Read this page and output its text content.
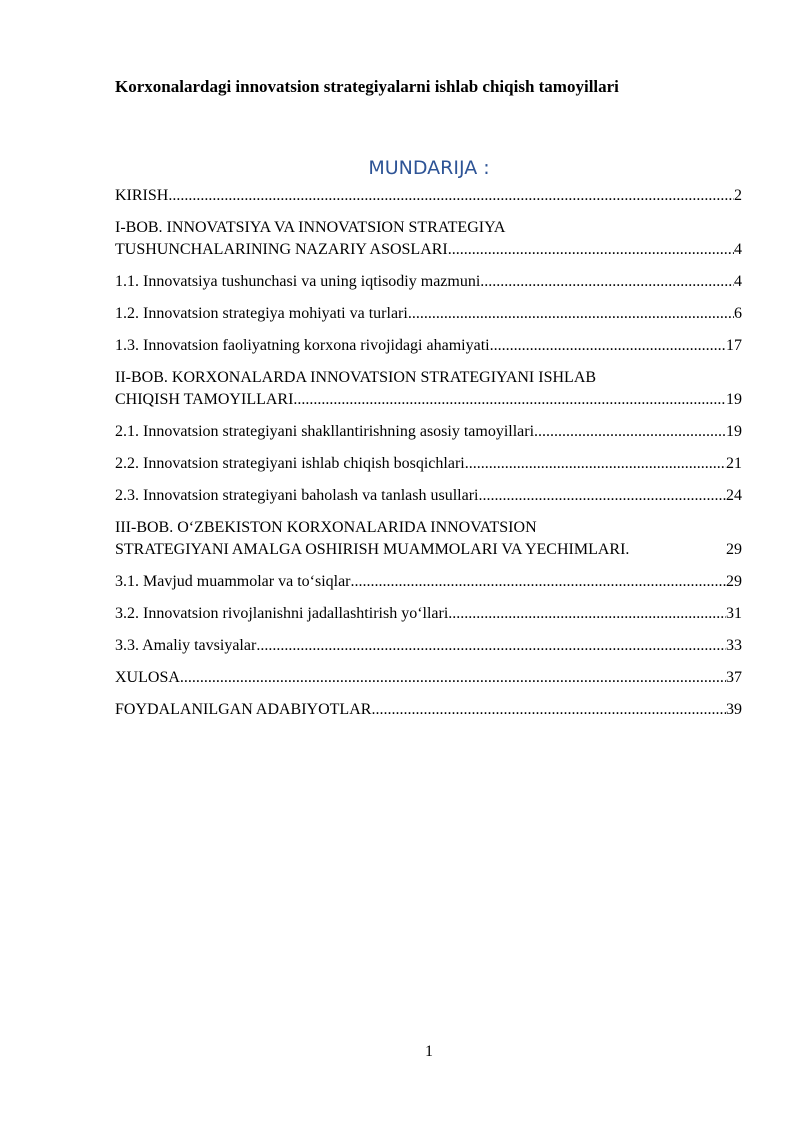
Korxonalardagi innovatsion strategiyalarni ishlab chiqish tamoyillari
MUNDARIJA :
KIRISH .....	2
I-BOB. INNOVATSIYA VA INNOVATSION STRATEGIYA
TUSHUNCHALARINING NAZARIY ASOSLARI .....	4
1.1. Innovatsiya tushunchasi va uning iqtisodiy mazmuni .....	4
1.2. Innovatsion strategiya mohiyati va turlari .....	6
1.3. Innovatsion faoliyatning korxona rivojidagi ahamiyati .....	17
II-BOB. KORXONALARDA INNOVATSION STRATEGIYANI ISHLAB
CHIQISH TAMOYILLARI .....	19
2.1. Innovatsion strategiyani shakllantirishning asosiy tamoyillari .....	19
2.2. Innovatsion strategiyani ishlab chiqish bosqichlari .....	21
2.3. Innovatsion strategiyani baholash va tanlash usullari .....	24
III-BOB. O‘ZBEKISTON KORXONALARIDA INNOVATSION
STRATEGIYANI AMALGA OSHIRISH MUAMMOLARI VA YECHIMLARI.	29
3.1. Mavjud muammolar va to‘siqlar .....	29
3.2. Innovatsion rivojlanishni jadallashtirish yo‘llari .....	31
3.3. Amaliy tavsiyalar .....	33
XULOSA .....	37
FOYDALANILGAN ADABIYOTLAR .....	39
1
